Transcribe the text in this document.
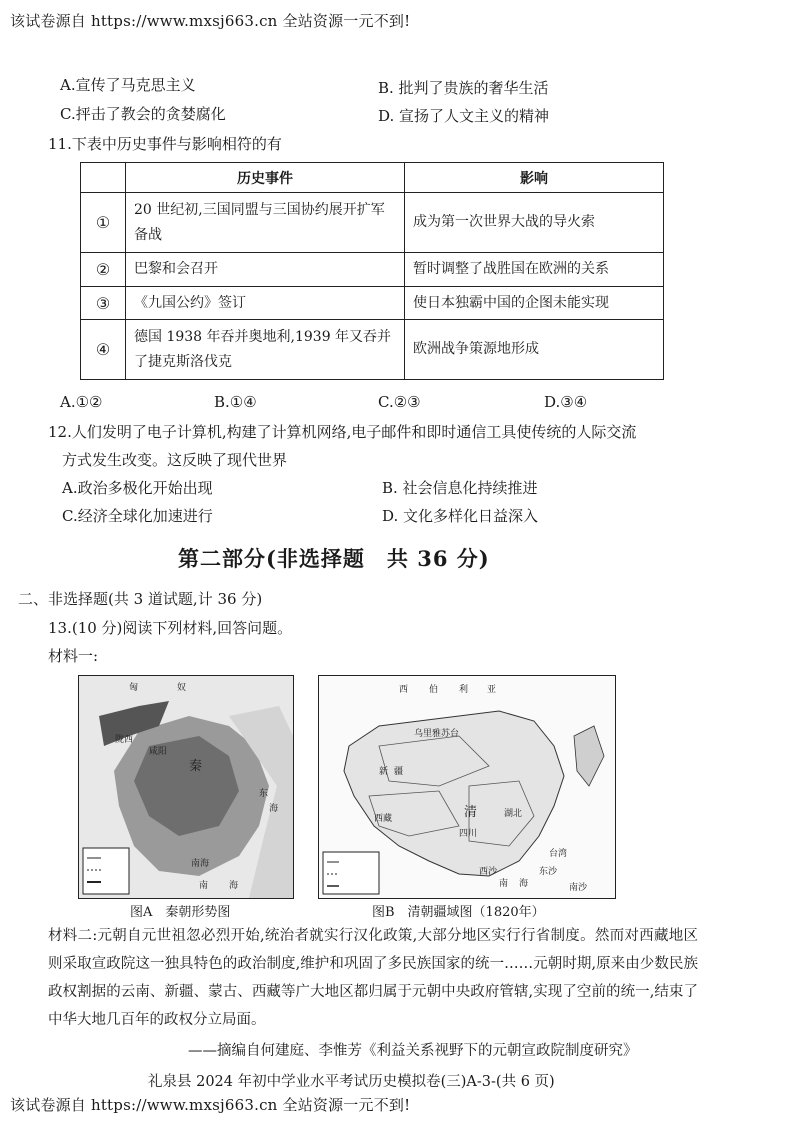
该试卷源自 https://www.mxsj663.cn 全站资源一元不到!
A.宣传了马克思主义	B. 批判了贵族的奢华生活
C.抨击了教会的贪婪腐化	D. 宣扬了人文主义的精神
11.下表中历史事件与影响相符的有
	历史事件	影响
①	20 世纪初,三国同盟与三国协约展开扩军备战	成为第一次世界大战的导火索
②	巴黎和会召开	暂时调整了战胜国在欧洲的关系
③	《九国公约》签订	使日本独霸中国的企图未能实现
④	德国 1938 年吞并奥地利,1939 年又吞并了捷克斯洛伐克	欧洲战争策源地形成
A.①②	B.①④	C.②③	D.③④
12.人们发明了电子计算机,构建了计算机网络,电子邮件和即时通信工具使传统的人际交流
方式发生改变。这反映了现代世界
A.政治多极化开始出现	B. 社会信息化持续推进
C.经济全球化加速进行	D. 文化多样化日益深入
第二部分(非选择题　共 36 分)
二、非选择题(共 3 道试题,计 36 分)
13.(10 分)阅读下列材料,回答问题。
材料一:
匈	奴
陇西
咸阳
秦
南海
东
海
南 海
图A　秦朝形势图
西 伯 利 亚
乌里雅苏台
新 疆
清
西藏
四川
湖北
台湾
南 海
东沙
西沙
南沙
图B　清朝疆域图（1820年）
材料二:元朝自元世祖忽必烈开始,统治者就实行汉化政策,大部分地区实行行省制度。然而对西藏地区则采取宣政院这一独具特色的政治制度,维护和巩固了多民族国家的统一……元朝时期,原来由少数民族政权割据的云南、新疆、蒙古、西藏等广大地区都归属于元朝中央政府管辖,实现了空前的统一,结束了中华大地几百年的政权分立局面。
——摘编自何建庭、李惟芳《利益关系视野下的元朝宣政院制度研究》
礼泉县 2024 年初中学业水平考试历史模拟卷(三)A-3-(共 6 页)
该试卷源自 https://www.mxsj663.cn 全站资源一元不到!
